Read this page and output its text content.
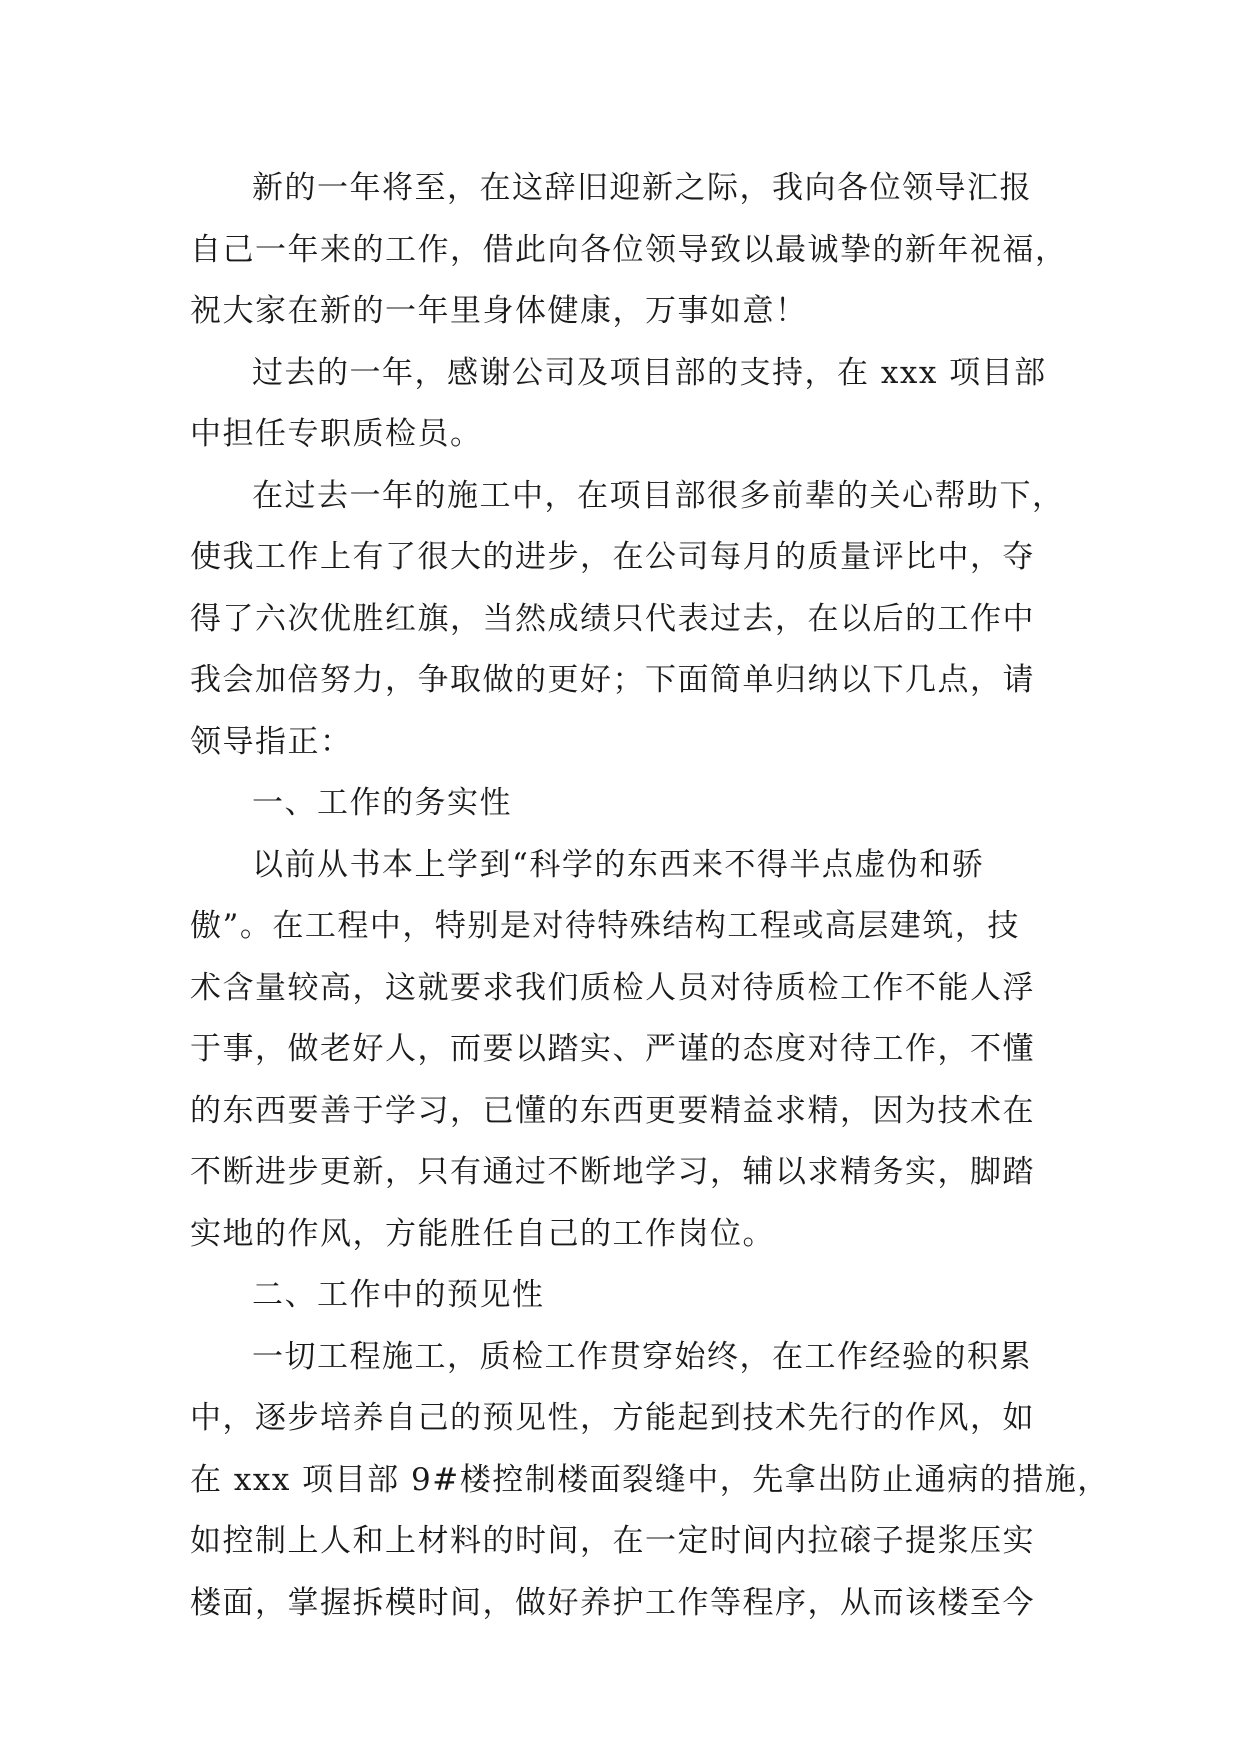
新的一年将至，在这辞旧迎新之际，我向各位领导汇报
自己一年来的工作，借此向各位领导致以最诚挚的新年祝福，
祝大家在新的一年里身体健康，万事如意！
过去的一年，感谢公司及项目部的支持，在 xxx 项目部
中担任专职质检员。
在过去一年的施工中，在项目部很多前辈的关心帮助下，
使我工作上有了很大的进步，在公司每月的质量评比中，夺
得了六次优胜红旗，当然成绩只代表过去，在以后的工作中
我会加倍努力，争取做的更好；下面简单归纳以下几点，请
领导指正：
一、工作的务实性
以前从书本上学到“科学的东西来不得半点虚伪和骄
傲”。在工程中，特别是对待特殊结构工程或高层建筑，技
术含量较高，这就要求我们质检人员对待质检工作不能人浮
于事，做老好人，而要以踏实、严谨的态度对待工作，不懂
的东西要善于学习，已懂的东西更要精益求精，因为技术在
不断进步更新，只有通过不断地学习，辅以求精务实，脚踏
实地的作风，方能胜任自己的工作岗位。
二、工作中的预见性
一切工程施工，质检工作贯穿始终，在工作经验的积累
中，逐步培养自己的预见性，方能起到技术先行的作风，如
在 xxx 项目部 9#楼控制楼面裂缝中，先拿出防止通病的措施，
如控制上人和上材料的时间，在一定时间内拉磙子提浆压实
楼面，掌握拆模时间，做好养护工作等程序，从而该楼至今
